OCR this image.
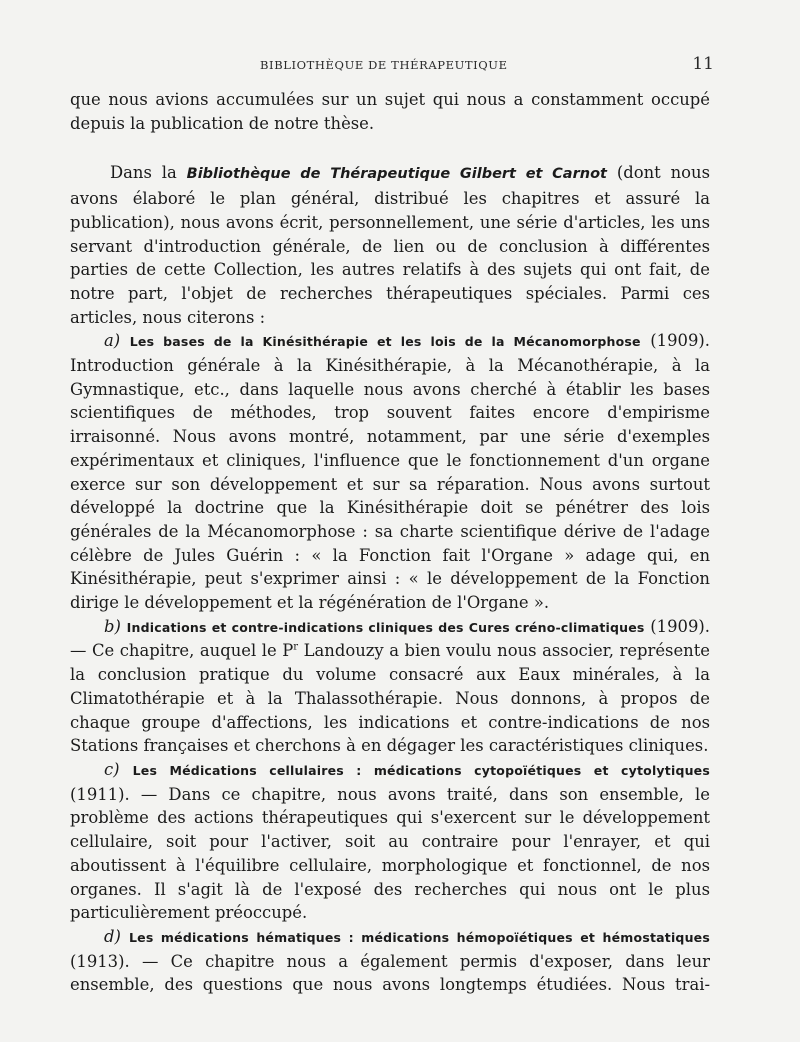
BIBLIOTHÈQUE DE THÉRAPEUTIQUE	11

que nous avions accumulées sur un sujet qui nous a constamment occupé depuis la publication de notre thèse.

Dans la Bibliothèque de Thérapeutique Gilbert et Carnot (dont nous avons élaboré le plan général, distribué les chapitres et assuré la publication), nous avons écrit, personnellement, une série d'articles, les uns servant d'introduction générale, de lien ou de conclusion à différentes parties de cette Collection, les autres relatifs à des sujets qui ont fait, de notre part, l'objet de recherches thérapeutiques spéciales. Parmi ces articles, nous citerons :

a) Les bases de la Kinésithérapie et les lois de la Mécanomorphose (1909). Introduction générale à la Kinésithérapie, à la Mécanothérapie, à la Gymnastique, etc., dans laquelle nous avons cherché à établir les bases scientifiques de méthodes, trop souvent faites encore d'empirisme irraisonné. Nous avons montré, notamment, par une série d'exemples expérimentaux et cliniques, l'influence que le fonctionnement d'un organe exerce sur son développement et sur sa réparation. Nous avons surtout développé la doctrine que la Kinésithérapie doit se pénétrer des lois générales de la Mécanomorphose : sa charte scientifique dérive de l'adage célèbre de Jules Guérin : « la Fonction fait l'Organe » adage qui, en Kinésithérapie, peut s'exprimer ainsi : « le développement de la Fonction dirige le développement et la régénération de l'Organe ».

b) Indications et contre-indications cliniques des Cures créno-climatiques (1909). — Ce chapitre, auquel le $P^r$ Landouzy a bien voulu nous associer, représente la conclusion pratique du volume consacré aux Eaux minérales, à la Climatothérapie et à la Thalassothérapie. Nous donnons, à propos de chaque groupe d'affections, les indications et contre-indications de nos Stations françaises et cherchons à en dégager les caractéristiques cliniques.

c) Les Médications cellulaires : médications cytopoïétiques et cytolytiques (1911). — Dans ce chapitre, nous avons traité, dans son ensemble, le problème des actions thérapeutiques qui s'exercent sur le développement cellulaire, soit pour l'activer, soit au contraire pour l'enrayer, et qui aboutissent à l'équilibre cellulaire, morphologique et fonctionnel, de nos organes. Il s'agit là de l'exposé des recherches qui nous ont le plus particulièrement préoccupé.

d) Les médications hématiques : médications hémopoïétiques et hémostatiques (1913). — Ce chapitre nous a également permis d'exposer, dans leur ensemble, des questions que nous avons longtemps étudiées. Nous trai-
